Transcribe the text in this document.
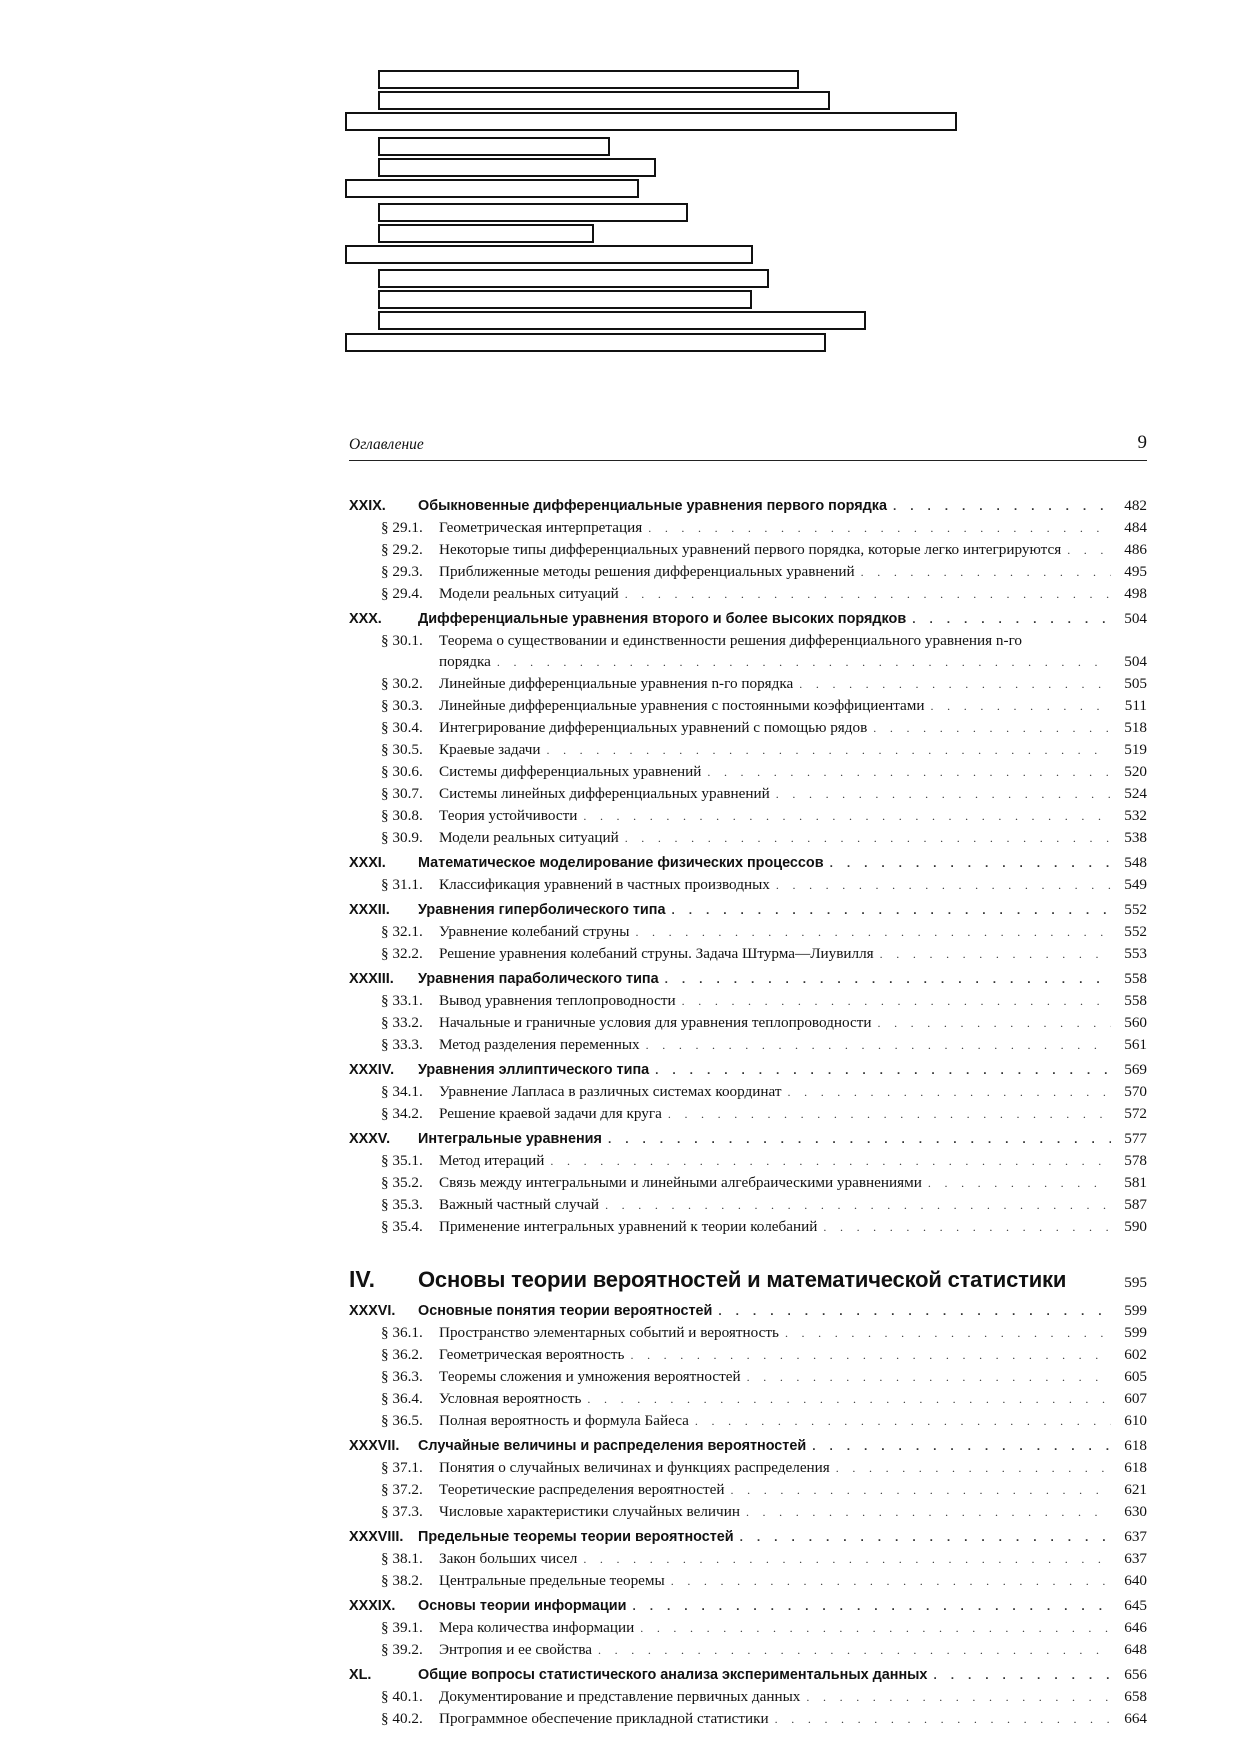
Оглавление	9
XXIX.	Обыкновенные дифференциальные уравнения первого порядка . . .	482
§ 29.1.	Геометрическая интерпретация . . .	484
§ 29.2.	Некоторые типы дифференциальных уравнений первого порядка, которые легко интегрируются . . .	486
§ 29.3.	Приближенные методы решения дифференциальных уравнений . . .	495
§ 29.4.	Модели реальных ситуаций . . .	498
XXX.	Дифференциальные уравнения второго и более высоких порядков . . .	504
§ 30.1.	Теорема о существовании и единственности решения дифференциального уравнения n-го
порядка . . .	504
§ 30.2.	Линейные дифференциальные уравнения n-го порядка . . .	505
§ 30.3.	Линейные дифференциальные уравнения с постоянными коэффициентами . . .	511
§ 30.4.	Интегрирование дифференциальных уравнений с помощью рядов . . .	518
§ 30.5.	Краевые задачи . . .	519
§ 30.6.	Системы дифференциальных уравнений . . .	520
§ 30.7.	Системы линейных дифференциальных уравнений . . .	524
§ 30.8.	Теория устойчивости . . .	532
§ 30.9.	Модели реальных ситуаций . . .	538
XXXI.	Математическое моделирование физических процессов . . .	548
§ 31.1.	Классификация уравнений в частных производных . . .	549
XXXII.	Уравнения гиперболического типа . . .	552
§ 32.1.	Уравнение колебаний струны . . .	552
§ 32.2.	Решение уравнения колебаний струны. Задача Штурма—Лиувилля . . .	553
XXXIII.	Уравнения параболического типа . . .	558
§ 33.1.	Вывод уравнения теплопроводности . . .	558
§ 33.2.	Начальные и граничные условия для уравнения теплопроводности . . .	560
§ 33.3.	Метод разделения переменных . . .	561
XXXIV.	Уравнения эллиптического типа . . .	569
§ 34.1.	Уравнение Лапласа в различных системах координат . . .	570
§ 34.2.	Решение краевой задачи для круга . . .	572
XXXV.	Интегральные уравнения . . .	577
§ 35.1.	Метод итераций . . .	578
§ 35.2.	Связь между интегральными и линейными алгебраическими уравнениями . . .	581
§ 35.3.	Важный частный случай . . .	587
§ 35.4.	Применение интегральных уравнений к теории колебаний . . .	590
IV.	Основы теории вероятностей и математической статистики	595
XXXVI.	Основные понятия теории вероятностей . . .	599
§ 36.1.	Пространство элементарных событий и вероятность . . .	599
§ 36.2.	Геометрическая вероятность . . .	602
§ 36.3.	Теоремы сложения и умножения вероятностей . . .	605
§ 36.4.	Условная вероятность . . .	607
§ 36.5.	Полная вероятность и формула Байеса . . .	610
XXXVII.	Случайные величины и распределения вероятностей . . .	618
§ 37.1.	Понятия о случайных величинах и функциях распределения . . .	618
§ 37.2.	Теоретические распределения вероятностей . . .	621
§ 37.3.	Числовые характеристики случайных величин . . .	630
XXXVIII.	Предельные теоремы теории вероятностей . . .	637
§ 38.1.	Закон больших чисел . . .	637
§ 38.2.	Центральные предельные теоремы . . .	640
XXXIX.	Основы теории информации . . .	645
§ 39.1.	Мера количества информации . . .	646
§ 39.2.	Энтропия и ее свойства . . .	648
XL.	Общие вопросы статистического анализа экспериментальных данных . . .	656
§ 40.1.	Документирование и представление первичных данных . . .	658
§ 40.2.	Программное обеспечение прикладной статистики . . .	664
